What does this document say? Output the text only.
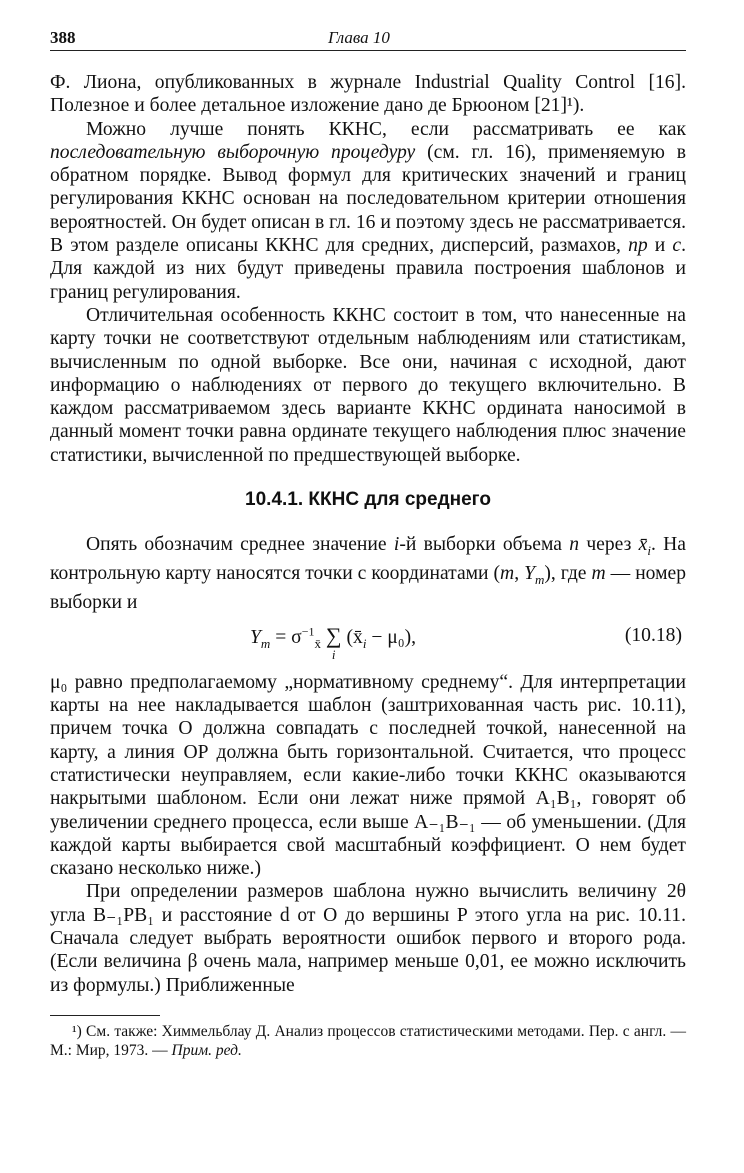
388	Глава 10

Ф. Лиона, опубликованных в журнале Industrial Quality Control [16]. Полезное и более детальное изложение дано де Брюоном [21]¹).

Можно лучше понять ККНС, если рассматривать ее как последовательную выборочную процедуру (см. гл. 16), применяемую в обратном порядке. Вывод формул для критических значений и границ регулирования ККНС основан на последовательном критерии отношения вероятностей. Он будет описан в гл. 16 и поэтому здесь не рассматривается. В этом разделе описаны ККНС для средних, дисперсий, размахов, np и c. Для каждой из них будут приведены правила построения шаблонов и границ регулирования.

Отличительная особенность ККНС состоит в том, что нанесенные на карту точки не соответствуют отдельным наблюдениям или статистикам, вычисленным по одной выборке. Все они, начиная с исходной, дают информацию о наблюдениях от первого до текущего включительно. В каждом рассматриваемом здесь варианте ККНС ордината наносимой в данный момент точки равна ординате текущего наблюдения плюс значение статистики, вычисленной по предшествующей выборке.

10.4.1. ККНС для среднего

Опять обозначим среднее значение i-й выборки объема n через $x̄_i$. На контрольную карту наносятся точки с координатами (m, $Y_m$), где m — номер выборки и

$Y_m = \sigma^{-1}_{x̄}$ ∑
i
$(x̄_i - \mu_0)$,	(10.18)

μ₀ равно предполагаемому „нормативному среднему“. Для интерпретации карты на нее накладывается шаблон (заштрихованная часть рис. 10.11), причем точка O должна совпадать с последней точкой, нанесенной на карту, а линия OP должна быть горизонтальной. Считается, что процесс статистически неуправляем, если какие-либо точки ККНС оказываются накрытыми шаблоном. Если они лежат ниже прямой A₁B₁, говорят об увеличении среднего процесса, если выше A₋₁B₋₁ — об уменьшении. (Для каждой карты выбирается свой масштабный коэффициент. О нем будет сказано несколько ниже.)

При определении размеров шаблона нужно вычислить величину 2θ угла B₋₁PB₁ и расстояние d от O до вершины P этого угла на рис. 10.11. Сначала следует выбрать вероятности ошибок первого и второго рода. (Если величина β очень мала, например меньше 0,01, ее можно исключить из формулы.) Приближенные

¹) См. также: Химмельблау Д. Анализ процессов статистическими методами. Пер. с англ. — М.: Мир, 1973. — Прим. ред.
